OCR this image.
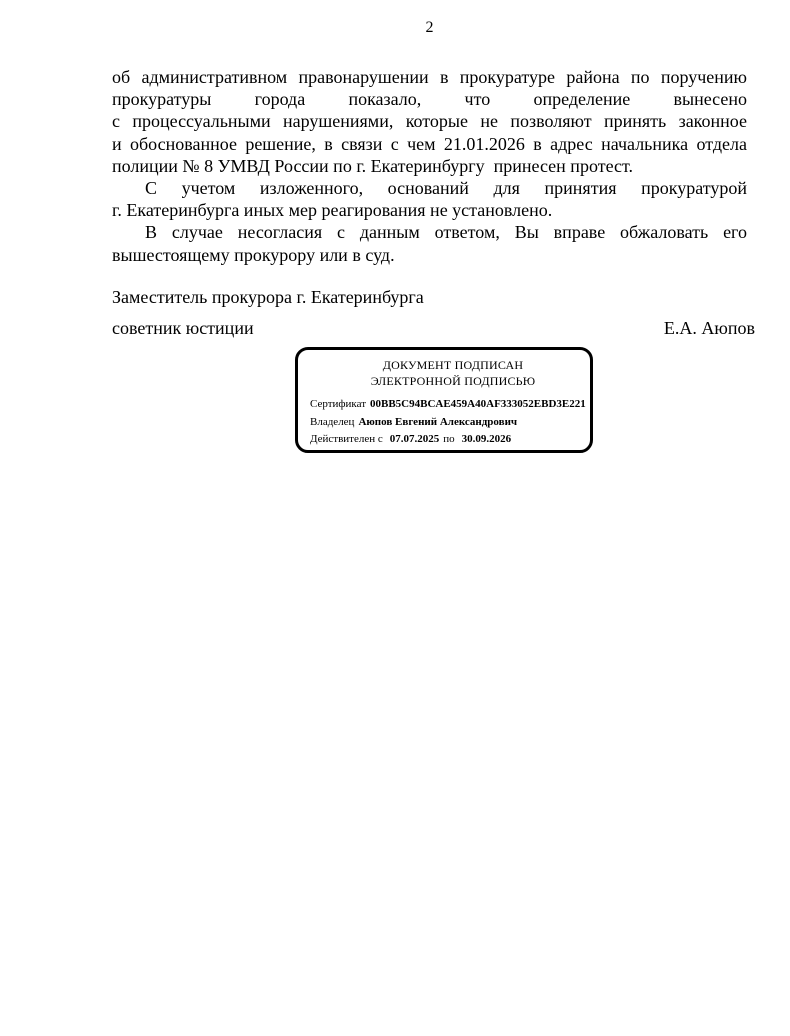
2

об административном правонарушении в прокуратуре района по поручению
прокуратуры города показало, что определение вынесено
с процессуальными нарушениями, которые не позволяют принять законное
и обоснованное решение, в связи с чем 21.01.2026 в адрес начальника отдела
полиции № 8 УМВД России по г. Екатеринбургу  принесен протест.

С учетом изложенного, оснований для принятия прокуратурой
г. Екатеринбурга иных мер реагирования не установлено.

В случае несогласия с данным ответом, Вы вправе обжаловать его
вышестоящему прокурору или в суд.

Заместитель прокурора г. Екатеринбурга
советник юстиции	Е.А. Аюпов
ДОКУМЕНТ ПОДПИСАН
ЭЛЕКТРОННОЙ ПОДПИСЬЮ
Сертификат 00BB5C94BCAE459A40AF333052EBD3E221
Владелец Аюпов Евгений Александрович
Действителен с 07.07.2025 по 30.09.2026
